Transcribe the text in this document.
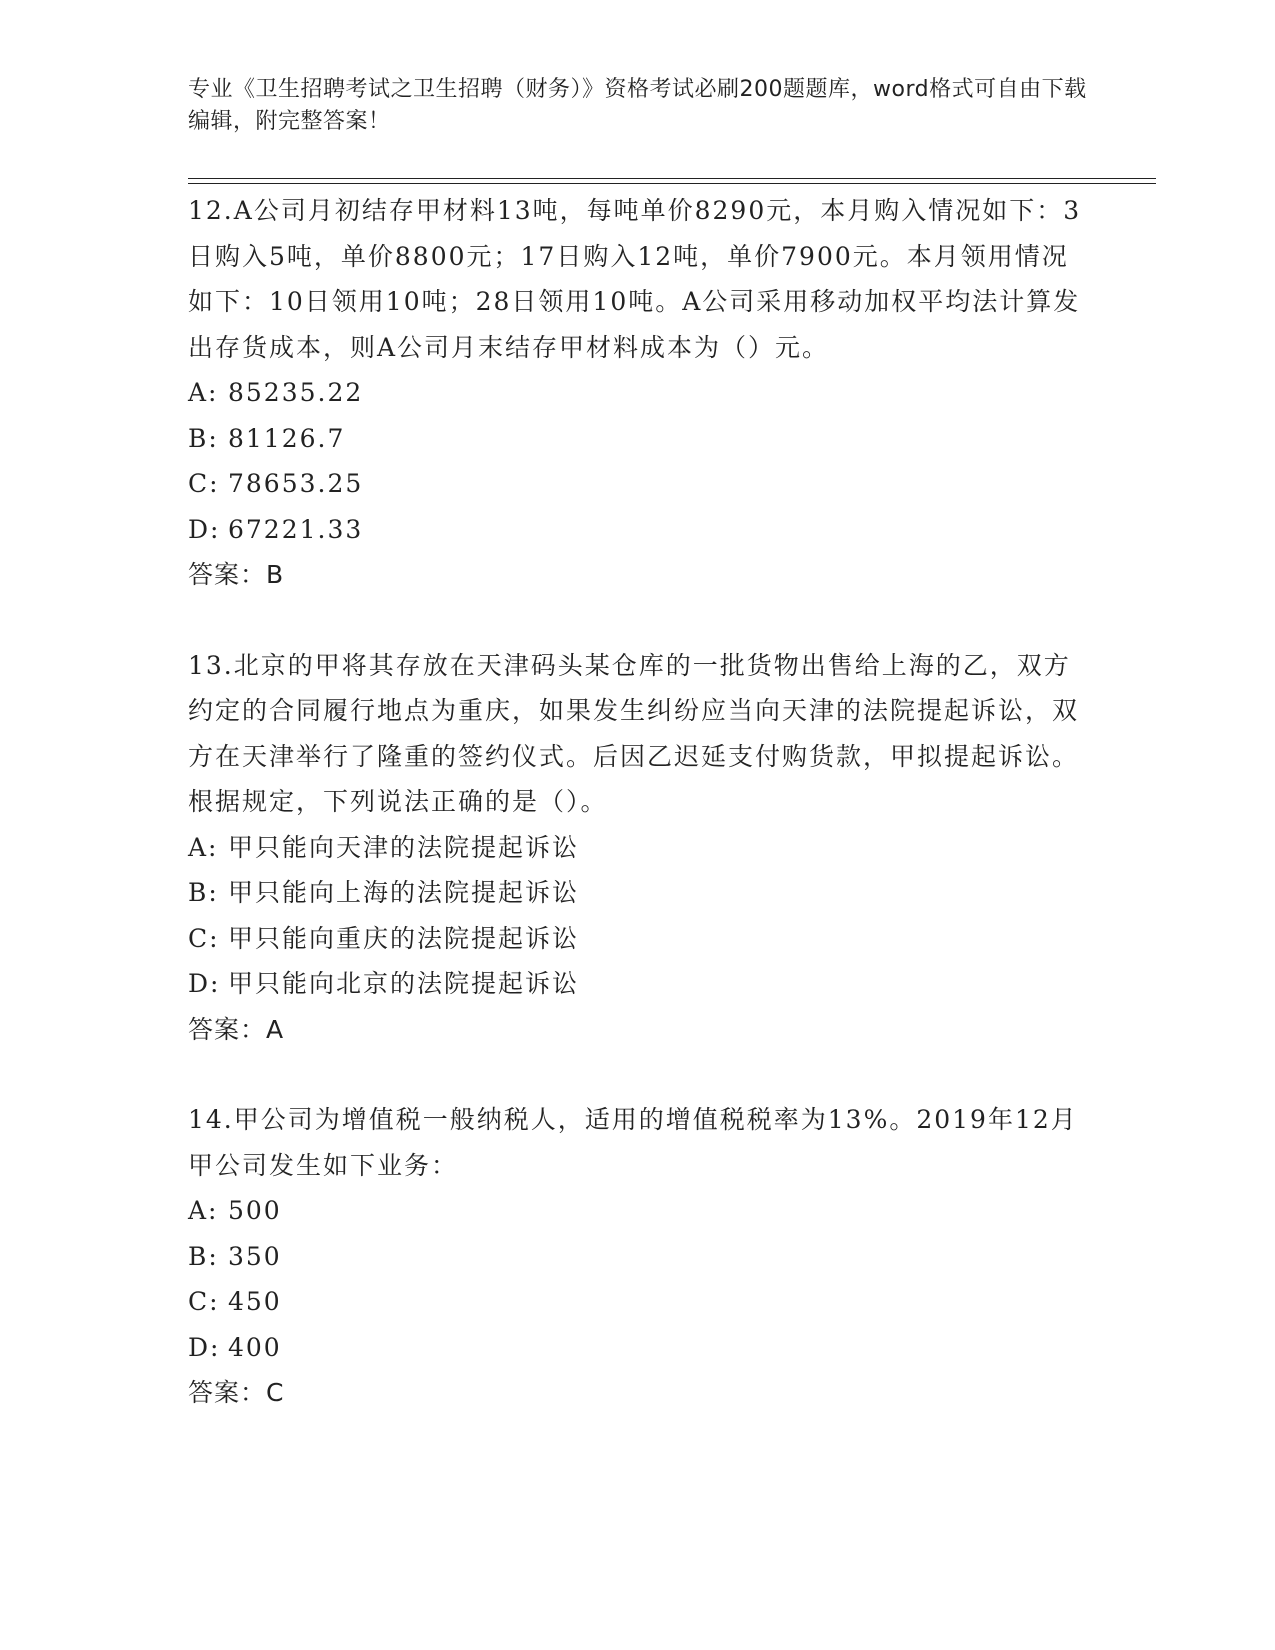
专业《卫生招聘考试之卫生招聘（财务）》资格考试必刷200题题库，word格式可自由下载编辑，附完整答案！

12.A公司月初结存甲材料13吨，每吨单价8290元，本月购入情况如下：3日购入5吨，单价8800元；17日购入12吨，单价7900元。本月领用情况如下：10日领用10吨；28日领用10吨。A公司采用移动加权平均法计算发出存货成本，则A公司月末结存甲材料成本为（）元。

A: 85235.22

B: 81126.7

C: 78653.25

D: 67221.33

答案：B

13.北京的甲将其存放在天津码头某仓库的一批货物出售给上海的乙，双方约定的合同履行地点为重庆，如果发生纠纷应当向天津的法院提起诉讼，双方在天津举行了隆重的签约仪式。后因乙迟延支付购货款，甲拟提起诉讼。根据规定，下列说法正确的是（）。

A: 甲只能向天津的法院提起诉讼

B: 甲只能向上海的法院提起诉讼

C: 甲只能向重庆的法院提起诉讼

D: 甲只能向北京的法院提起诉讼

答案：A

14.甲公司为增值税一般纳税人，适用的增值税税率为13%。2019年12月甲公司发生如下业务：

A: 500

B: 350

C: 450

D: 400

答案：C
